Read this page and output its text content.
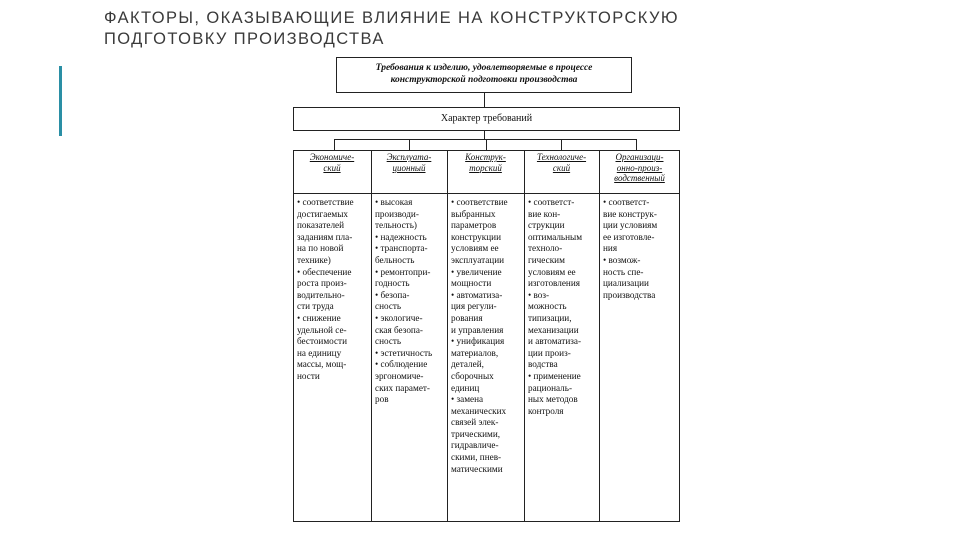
ФАКТОРЫ, ОКАЗЫВАЮЩИЕ ВЛИЯНИЕ НА КОНСТРУКТОРСКУЮ
ПОДГОТОВКУ ПРОИЗВОДСТВА
Требования к изделию, удовлетворяемые в процессе
конструкторской подготовки производства
Характер требований
Экономиче-
ский
Эксплуата-
ционный
Конструк-
торский
Технологиче-
ский
Организаци-
онно-произ-
водственный
• соответствие
достигаемых
показателей
заданиям пла-
на по новой
технике)
• обеспечение
роста произ-
водительно-
сти труда
• снижение
удельной се-
бестоимости
на единицу
массы, мощ-
ности
• высокая
производи-
тельность)
• надежность
• транспорта-
бельность
• ремонтопри-
годность
• безопа-
сность
• экологиче-
ская безопа-
сность
• эстетичность
• соблюдение
эргономиче-
ских парамет-
ров
• соответствие
выбранных
параметров
конструкции
условиям ее
эксплуатации
• увеличение
мощности
• автоматиза-
ция регули-
рования
и управления
• унификация
материалов,
деталей,
сборочных
единиц
• замена
механических
связей элек-
трическими,
гидравличе-
скими, пнев-
матическими
• соответст-
вие кон-
струкции
оптимальным
техноло-
гическим
условиям ее
изготовления
• воз-
можность
типизации,
механизации
и автоматиза-
ции произ-
водства
• применение
рациональ-
ных методов
контроля
• соответст-
вие конструк-
ции условиям
ее изготовле-
ния
• возмож-
ность спе-
циализации
производства
